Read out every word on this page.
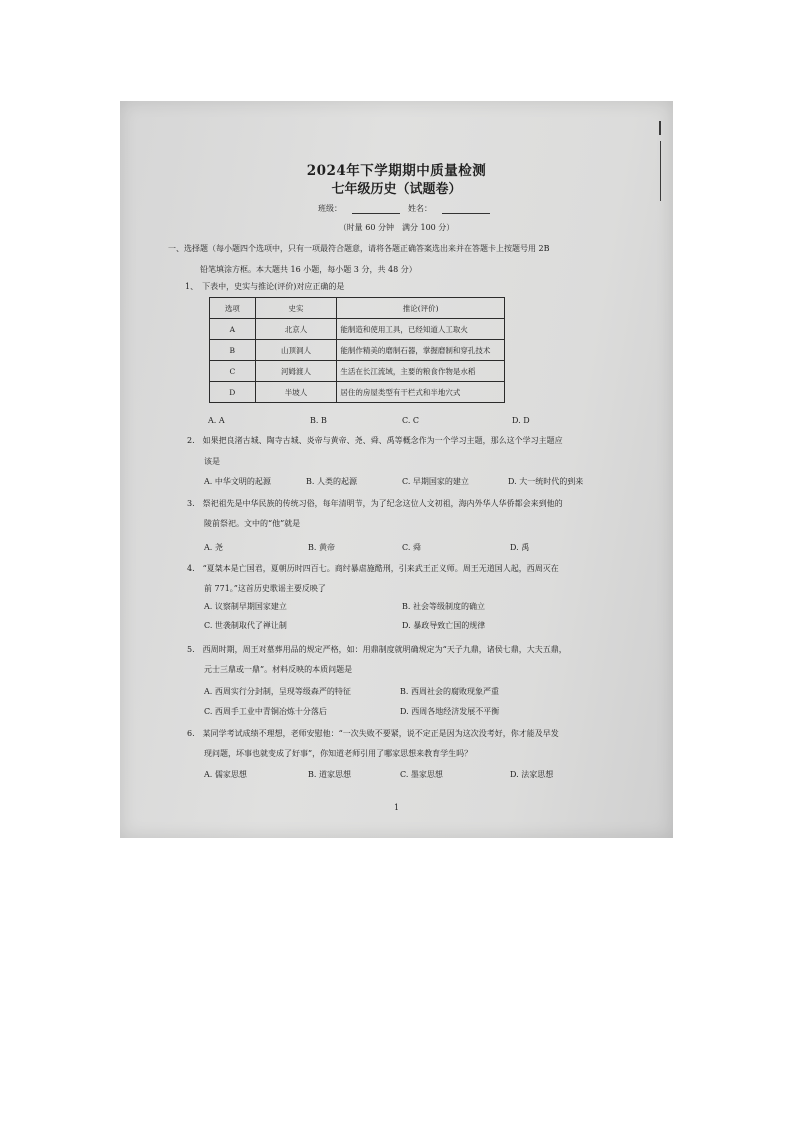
2024年下学期期中质量检测
七年级历史（试题卷）
班级：	姓名：
（时量 60 分钟　满分 100 分）
一、选择题（每小题四个选项中，只有一项最符合题意，请将各题正确答案选出来并在答题卡上按题号用 2B
铅笔填涂方框。本大题共 16 小题，每小题 3 分，共 48 分）
1、　下表中，史实与推论(评价)对应正确的是
选项	史实	推论(评价)
A	北京人	能制造和使用工具，已经知道人工取火
B	山顶洞人	能制作精美的磨制石器，掌握磨制和穿孔技术
C	河姆渡人	生活在长江流域，主要的粮食作物是水稻
D	半坡人	居住的房屋类型有干栏式和半地穴式
A. A	B. B	C. C	D. D
2.　如果把良渚古城、陶寺古城、炎帝与黄帝、尧、舜、禹等概念作为一个学习主题，那么这个学习主题应
该是
A. 中华文明的起源	B. 人类的起源	C. 早期国家的建立	D. 大一统时代的到来
3.　祭祀祖先是中华民族的传统习俗，每年清明节，为了纪念这位人文初祖，海内外华人华侨都会来到他的
陵前祭祀。文中的“他”就是
A. 尧	B. 黄帝	C. 舜	D. 禹
4.　“夏桀本是亡国君，夏朝历时四百七。商纣暴虐施酷刑，引来武王正义师。周王无道国人起，西周灭在
前 771。”这首历史歌谣主要反映了
A. 议察制早期国家建立	B. 社会等级制度的确立
C. 世袭制取代了禅让制	D. 暴政导致亡国的规律
5.　西周时期，周王对墓葬用品的规定严格，如：用鼎制度就明确规定为“天子九鼎，诸侯七鼎，大夫五鼎，
元士三鼎或一鼎”。材料反映的本质问题是
A. 西周实行分封制，呈现等级森严的特征	B. 西周社会的腐败现象严重
C. 西周手工业中青铜冶炼十分落后	D. 西周各地经济发展不平衡
6.　某同学考试成绩不理想，老师安慰他：“一次失败不要紧，说不定正是因为这次没考好，你才能及早发
现问题，坏事也就变成了好事”，你知道老师引用了哪家思想来教育学生吗？
A. 儒家思想	B. 道家思想	C. 墨家思想	D. 法家思想
1
